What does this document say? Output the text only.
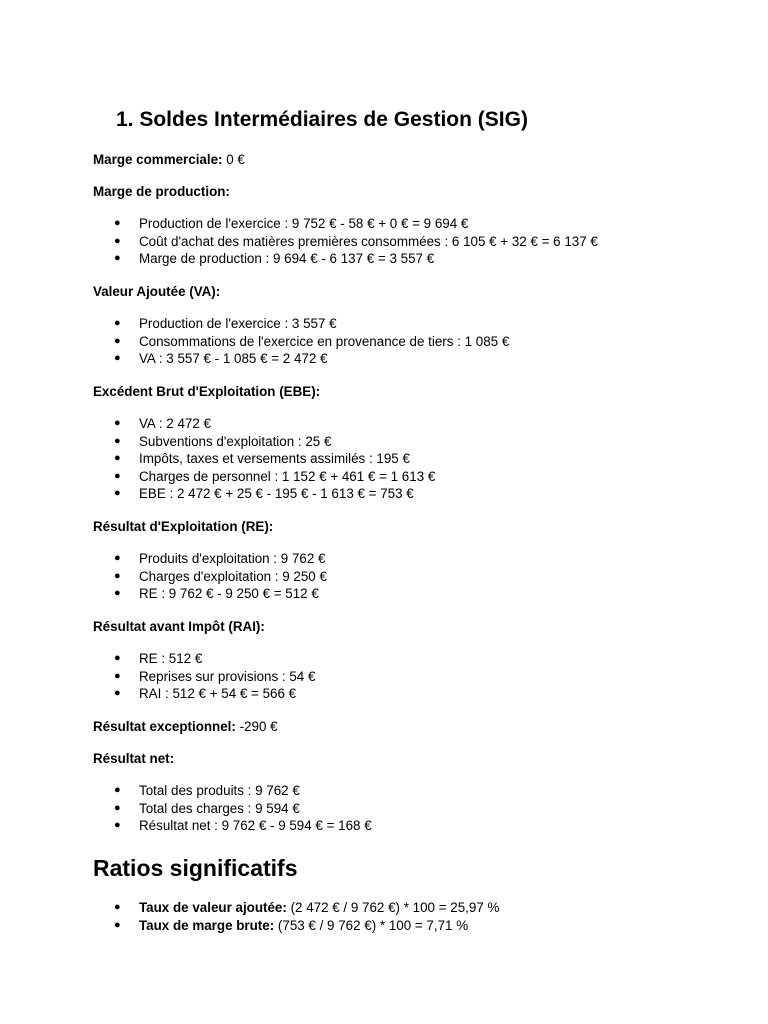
1. Soldes Intermédiaires de Gestion (SIG)

Marge commerciale: 0 €

Marge de production:

● Production de l'exercice : 9 752 € - 58 € + 0 € = 9 694 €
● Coût d'achat des matières premières consommées : 6 105 € + 32 € = 6 137 €
● Marge de production : 9 694 € - 6 137 € = 3 557 €

Valeur Ajoutée (VA):

● Production de l'exercice : 3 557 €
● Consommations de l'exercice en provenance de tiers : 1 085 €
● VA : 3 557 € - 1 085 € = 2 472 €

Excédent Brut d'Exploitation (EBE):

● VA : 2 472 €
● Subventions d'exploitation : 25 €
● Impôts, taxes et versements assimilés : 195 €
● Charges de personnel : 1 152 € + 461 € = 1 613 €
● EBE : 2 472 € + 25 € - 195 € - 1 613 € = 753 €

Résultat d'Exploitation (RE):

● Produits d'exploitation : 9 762 €
● Charges d'exploitation : 9 250 €
● RE : 9 762 € - 9 250 € = 512 €

Résultat avant Impôt (RAI):

● RE : 512 €
● Reprises sur provisions : 54 €
● RAI : 512 € + 54 € = 566 €

Résultat exceptionnel: -290 €

Résultat net:

● Total des produits : 9 762 €
● Total des charges : 9 594 €
● Résultat net : 9 762 € - 9 594 € = 168 €
Ratios significatifs
● Taux de valeur ajoutée: (2 472 € / 9 762 €) * 100 = 25,97 %
● Taux de marge brute: (753 € / 9 762 €) * 100 = 7,71 %
